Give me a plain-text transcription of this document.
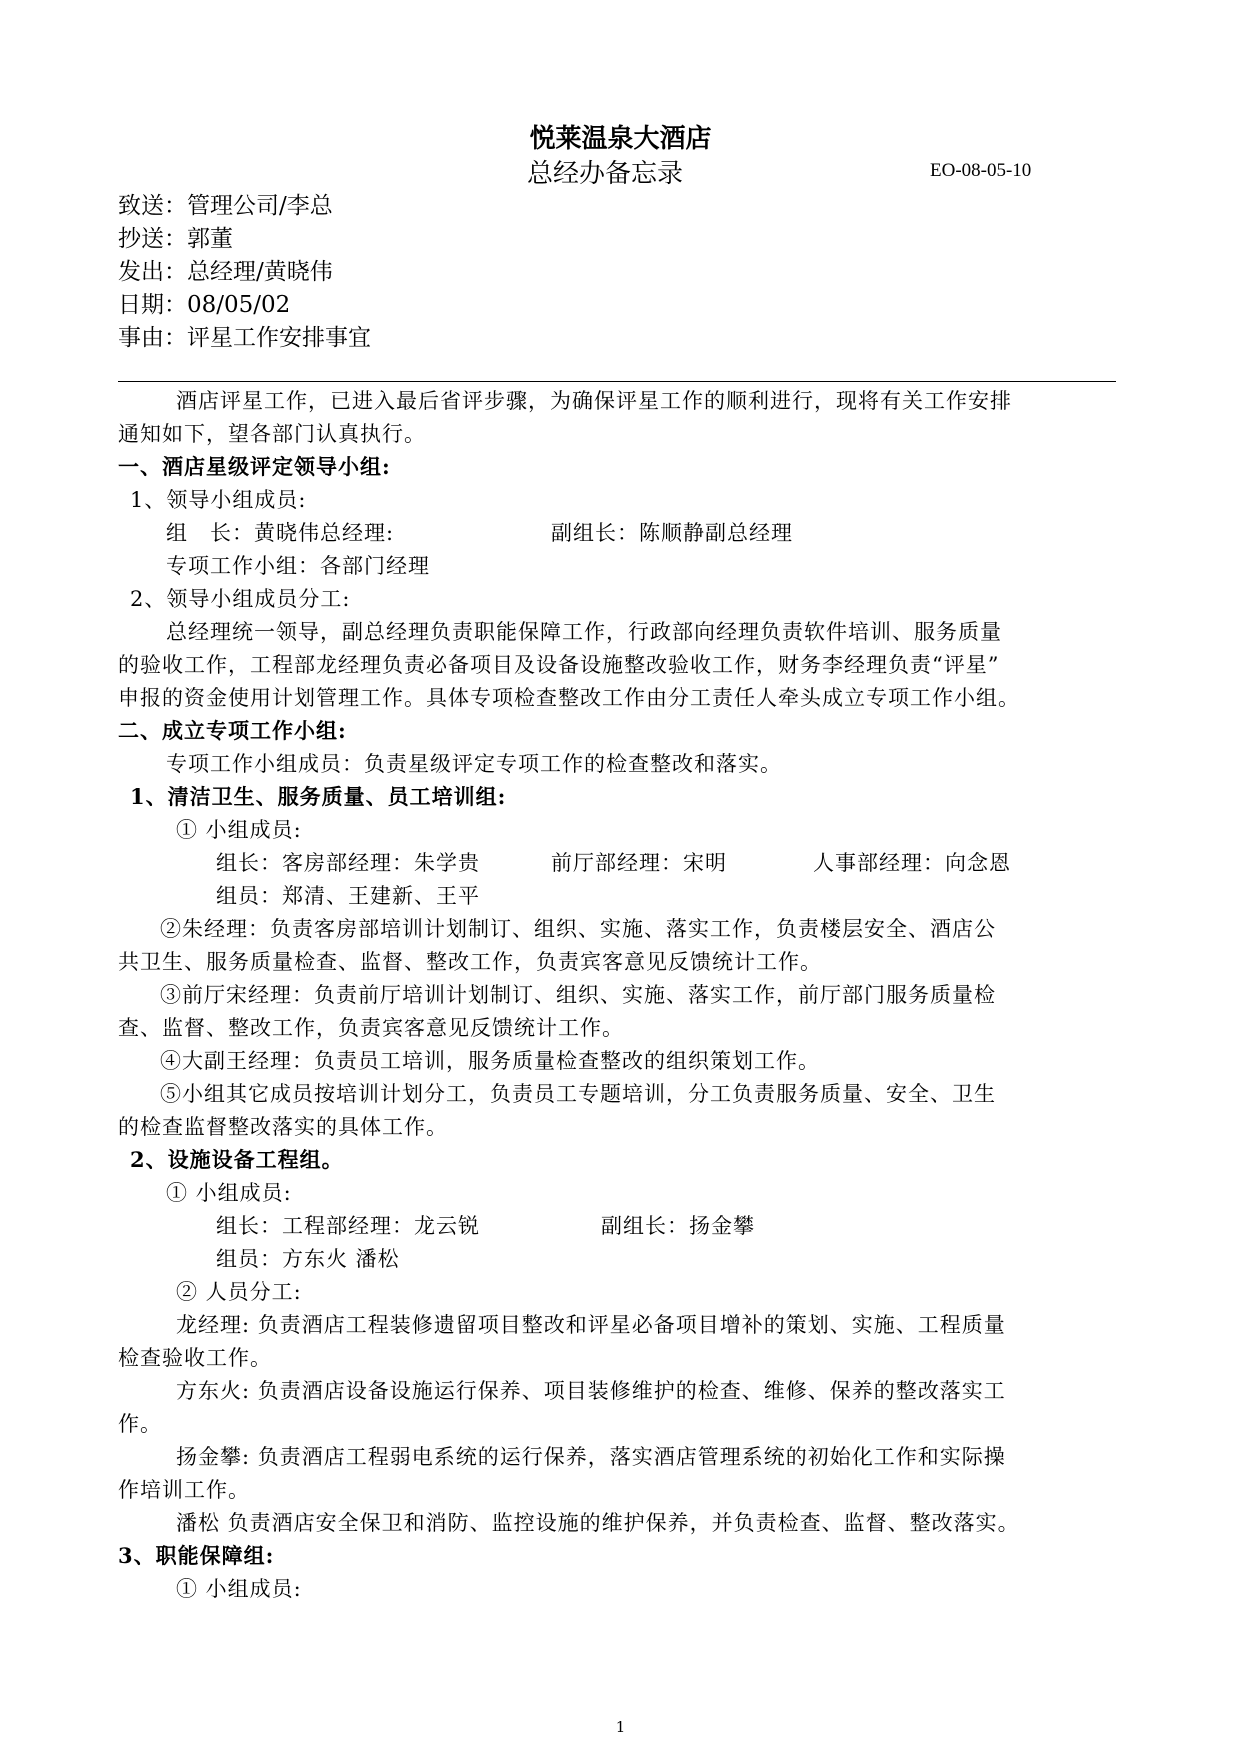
悦莱温泉大酒店
总经办备忘录	EO-08-05-10
致送：管理公司/李总
抄送：郭董
发出：总经理/黄晓伟
日期：08/05/02
事由：评星工作安排事宜
酒店评星工作，已进入最后省评步骤，为确保评星工作的顺利进行，现将有关工作安排
通知如下，望各部门认真执行。
一、酒店星级评定领导小组:
1、领导小组成员:
组　长：黄晓伟总经理:	副组长：陈顺静副总经理
专项工作小组：各部门经理
2、领导小组成员分工:
总经理统一领导，副总经理负责职能保障工作，行政部向经理负责软件培训、服务质量
的验收工作，工程部龙经理负责必备项目及设备设施整改验收工作，财务李经理负责“评星”
申报的资金使用计划管理工作。具体专项检查整改工作由分工责任人牵头成立专项工作小组。
二、成立专项工作小组:
专项工作小组成员：负责星级评定专项工作的检查整改和落实。
1、清洁卫生、服务质量、员工培训组:
① 小组成员:
组长：客房部经理：朱学贵	前厅部经理：宋明	人事部经理：向念恩
组员：郑清、王建新、王平
②朱经理：负责客房部培训计划制订、组织、实施、落实工作，负责楼层安全、酒店公
共卫生、服务质量检查、监督、整改工作，负责宾客意见反馈统计工作。
③前厅宋经理：负责前厅培训计划制订、组织、实施、落实工作，前厅部门服务质量检
查、监督、整改工作，负责宾客意见反馈统计工作。
④大副王经理：负责员工培训，服务质量检查整改的组织策划工作。
⑤小组其它成员按培训计划分工，负责员工专题培训，分工负责服务质量、安全、卫生
的检查监督整改落实的具体工作。
2、设施设备工程组。
① 小组成员:
组长：工程部经理：龙云锐	副组长：扬金攀
组员：方东火 潘松
② 人员分工:
龙经理: 负责酒店工程装修遗留项目整改和评星必备项目增补的策划、实施、工程质量
检查验收工作。
方东火: 负责酒店设备设施运行保养、项目装修维护的检查、维修、保养的整改落实工
作。
扬金攀: 负责酒店工程弱电系统的运行保养，落实酒店管理系统的初始化工作和实际操
作培训工作。
潘松 负责酒店安全保卫和消防、监控设施的维护保养，并负责检查、监督、整改落实。
3、职能保障组:
① 小组成员:
1
